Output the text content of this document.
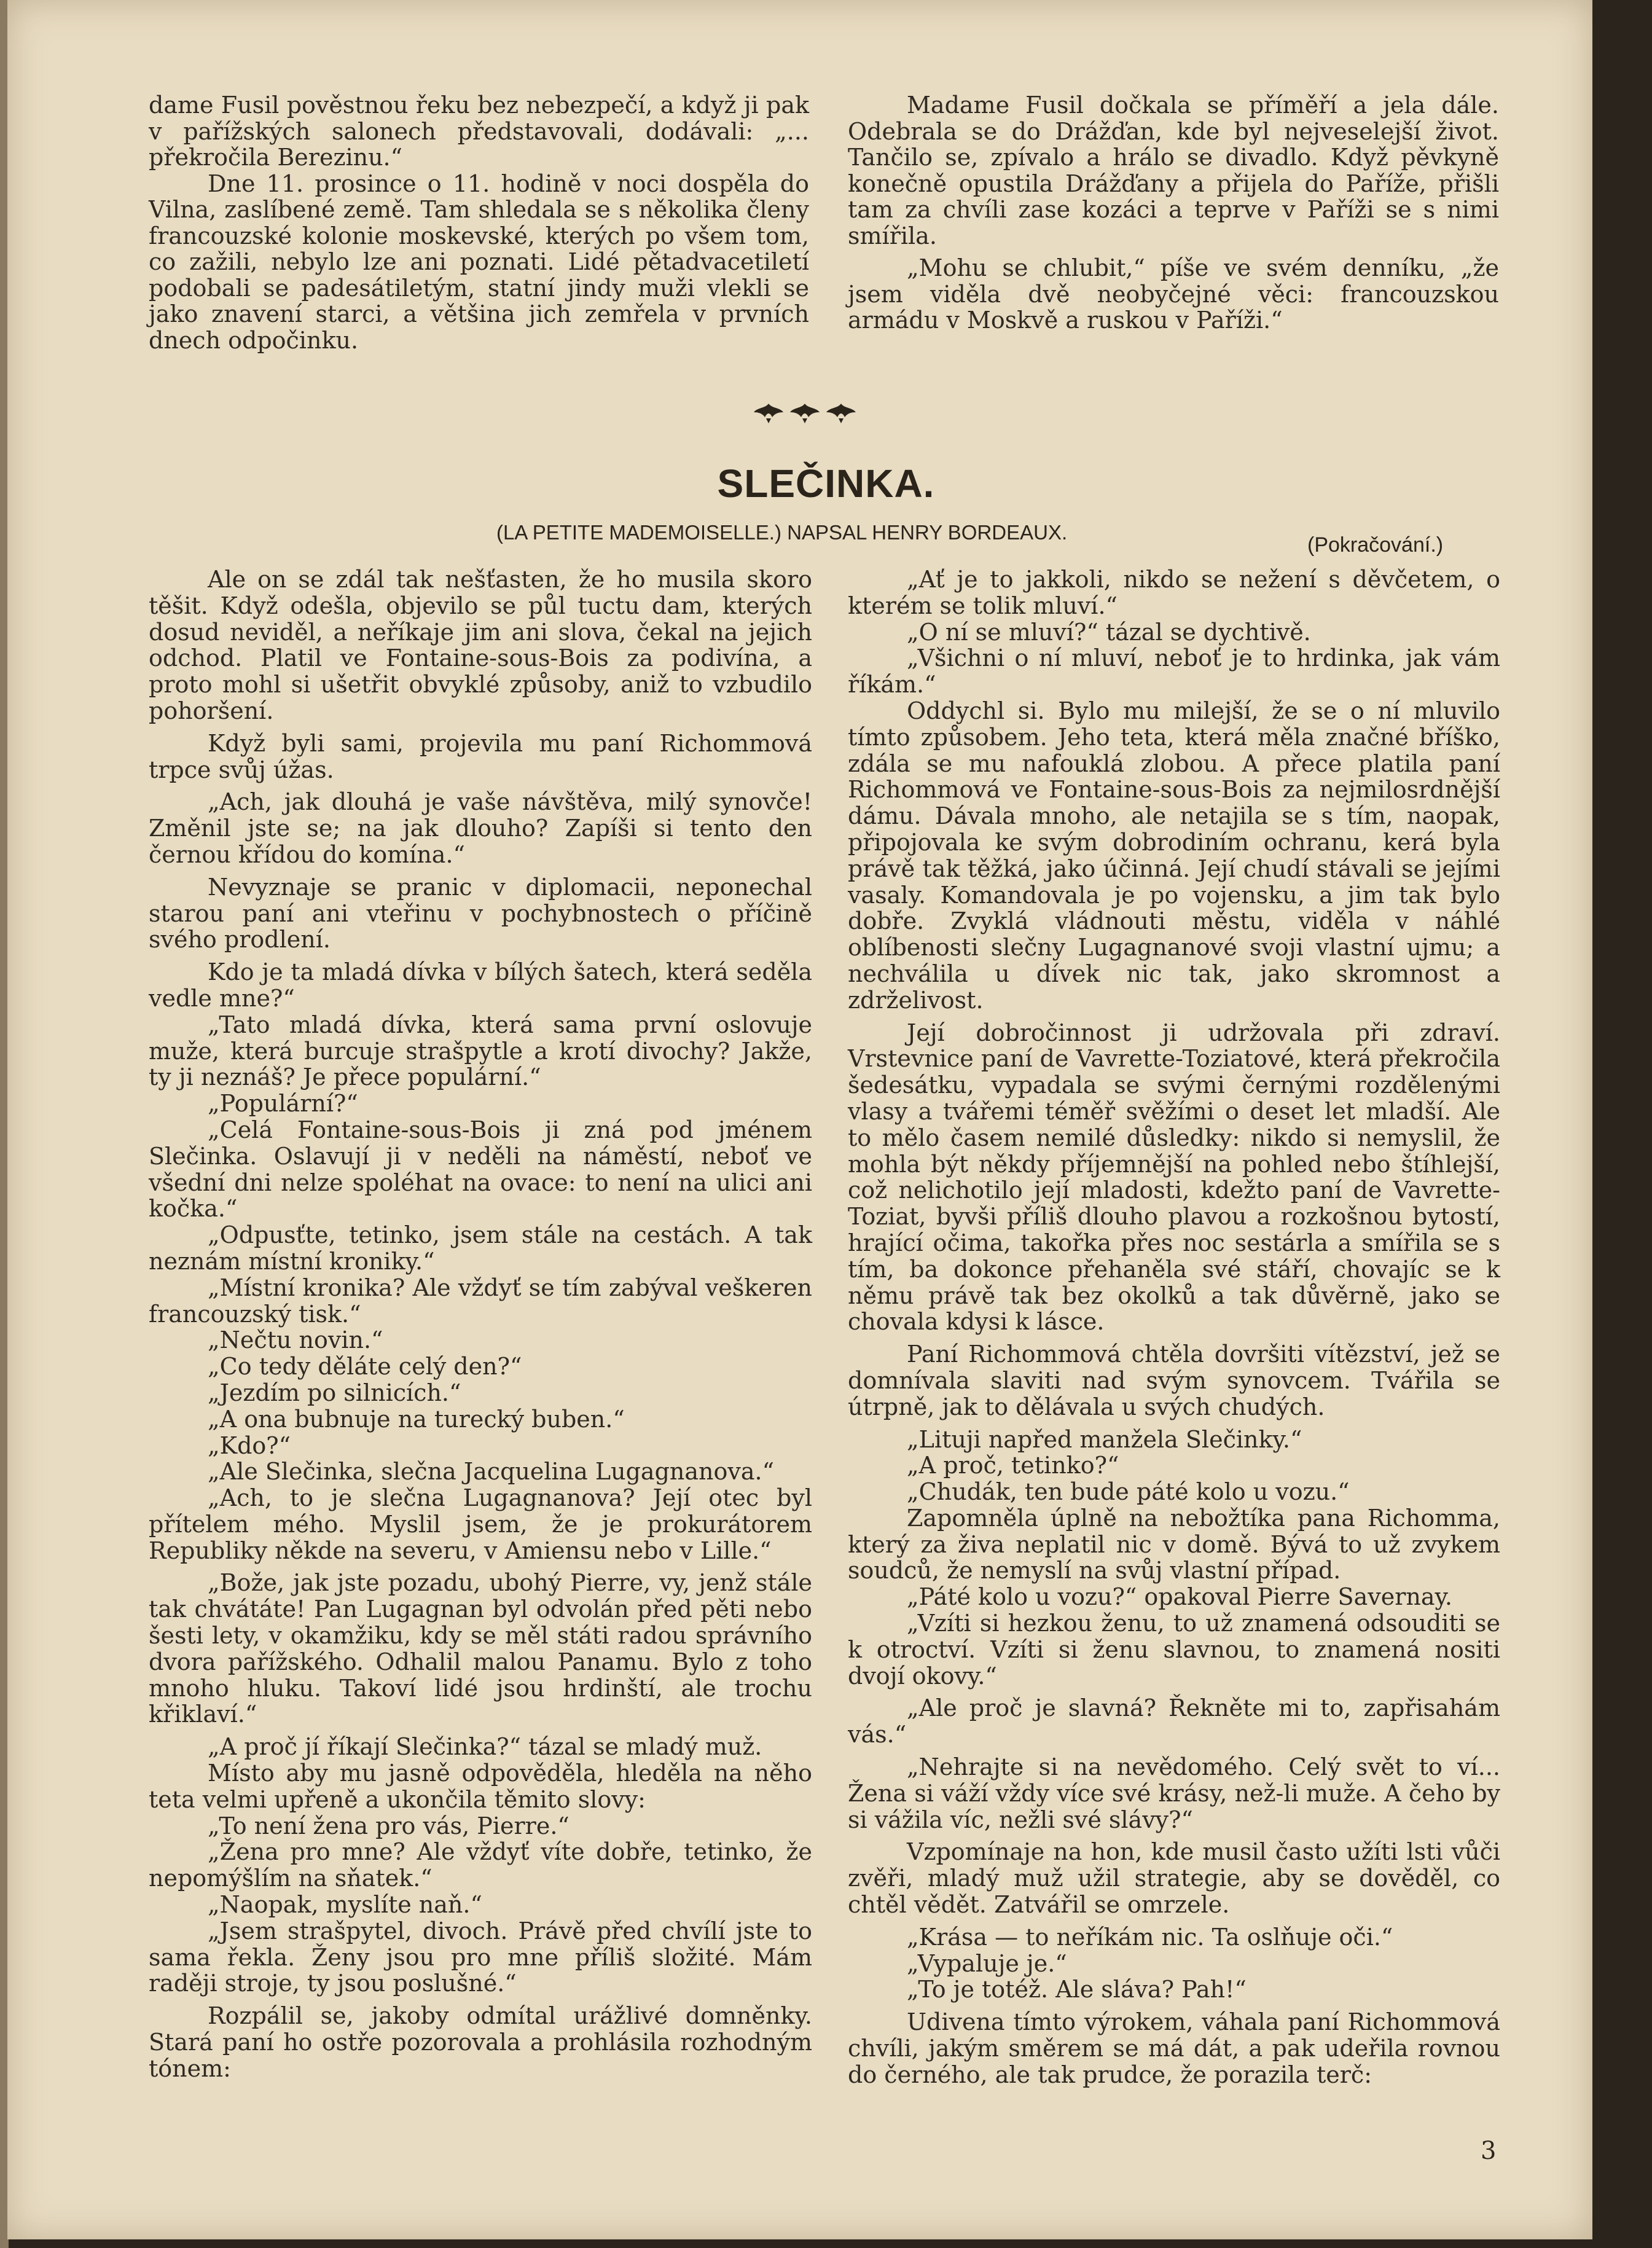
dame Fusil pověstnou řeku bez nebezpečí, a když ji pak v pařížských salonech představovali, dodávali: „... překročila Berezinu.“

Dne 11. prosince o 11. hodině v noci dospěla do Vilna, zaslíbené země. Tam shledala se s několika členy francouzské kolonie moskevské, kterých po všem tom, co zažili, nebylo lze ani poznati. Lidé pětadvacetiletí podobali se padesátiletým, statní jindy muži vlekli se jako znavení starci, a většina jich zemřela v prvních dnech odpočinku.

Madame Fusil dočkala se příměří a jela dále. Odebrala se do Drážďan, kde byl nejveselejší život. Tančilo se, zpívalo a hrálo se divadlo. Když pěvkyně konečně opustila Drážďany a přijela do Paříže, přišli tam za chvíli zase kozáci a teprve v Paříži se s nimi smířila.

„Mohu se chlubit,“ píše ve svém denníku, „že jsem viděla dvě neobyčejné věci: francouzskou armádu v Moskvě a ruskou v Paříži.“

SLEČINKA.
(LA PETITE MADEMOISELLE.) NAPSAL HENRY BORDEAUX.
(Pokračování.)

Ale on se zdál tak nešťasten, že ho musila skoro těšit. Když odešla, objevilo se půl tuctu dam, kterých dosud neviděl, a neříkaje jim ani slova, čekal na jejich odchod. Platil ve Fontaine-sous-Bois za podivína, a proto mohl si ušetřit obvyklé způsoby, aniž to vzbudilo pohoršení.

Když byli sami, projevila mu paní Richommová trpce svůj úžas.

„Ach, jak dlouhá je vaše návštěva, milý synovče! Změnil jste se; na jak dlouho? Zapíši si tento den černou křídou do komína.“

Nevyznaje se pranic v diplomacii, neponechal starou paní ani vteřinu v pochybnostech o příčině svého prodlení.

Kdo je ta mladá dívka v bílých šatech, která seděla vedle mne?“

„Tato mladá dívka, která sama první oslovuje muže, která burcuje strašpytle a krotí divochy? Jakže, ty ji neznáš? Je přece populární.“

„Populární?“

„Celá Fontaine-sous-Bois ji zná pod jménem Slečinka. Oslavují ji v neděli na náměstí, neboť ve všední dni nelze spoléhat na ovace: to není na ulici ani kočka.“

„Odpusťte, tetinko, jsem stále na cestách. A tak neznám místní kroniky.“

„Místní kronika? Ale vždyť se tím zabýval veškeren francouzský tisk.“

„Nečtu novin.“

„Co tedy děláte celý den?“

„Jezdím po silnicích.“

„A ona bubnuje na turecký buben.“

„Kdo?“

„Ale Slečinka, slečna Jacquelina Lugagnanova.“

„Ach, to je slečna Lugagnanova? Její otec byl přítelem mého. Myslil jsem, že je prokurátorem Republiky někde na severu, v Amiensu nebo v Lille.“

„Bože, jak jste pozadu, ubohý Pierre, vy, jenž stále tak chvátáte! Pan Lugagnan byl odvolán před pěti nebo šesti lety, v okamžiku, kdy se měl státi radou správního dvora pařížského. Odhalil malou Panamu. Bylo z toho mnoho hluku. Takoví lidé jsou hrdinští, ale trochu křiklaví.“

„A proč jí říkají Slečinka?“ tázal se mladý muž.

Místo aby mu jasně odpověděla, hleděla na něho teta velmi upřeně a ukončila těmito slovy:

„To není žena pro vás, Pierre.“

„Žena pro mne? Ale vždyť víte dobře, tetinko, že nepomýšlím na sňatek.“

„Naopak, myslíte naň.“

„Jsem strašpytel, divoch. Právě před chvílí jste to sama řekla. Ženy jsou pro mne příliš složité. Mám raději stroje, ty jsou poslušné.“

Rozpálil se, jakoby odmítal urážlivé domněnky. Stará paní ho ostře pozorovala a prohlásila rozhodným tónem:

„Ať je to jakkoli, nikdo se nežení s děvčetem, o kterém se tolik mluví.“

„O ní se mluví?“ tázal se dychtivě.

„Všichni o ní mluví, neboť je to hrdinka, jak vám říkám.“

Oddychl si. Bylo mu milejší, že se o ní mluvilo tímto způsobem. Jeho teta, která měla značné bříško, zdála se mu nafouklá zlobou. A přece platila paní Richommová ve Fontaine-sous-Bois za nejmilosrdnější dámu. Dávala mnoho, ale netajila se s tím, naopak, připojovala ke svým dobrodiním ochranu, kerá byla právě tak těžká, jako účinná. Její chudí stávali se jejími vasaly. Komandovala je po vojensku, a jim tak bylo dobře. Zvyklá vládnouti městu, viděla v náhlé oblíbenosti slečny Lugagnanové svoji vlastní ujmu; a nechválila u dívek nic tak, jako skromnost a zdrželivost.

Její dobročinnost ji udržovala při zdraví. Vrstevnice paní de Vavrette-Toziatové, která překročila šedesátku, vypadala se svými černými rozdělenými vlasy a tvářemi téměř svěžími o deset let mladší. Ale to mělo časem nemilé důsledky: nikdo si nemyslil, že mohla být někdy příjemnější na pohled nebo štíhlejší, což nelichotilo její mladosti, kdežto paní de Vavrette-Toziat, byvši příliš dlouho plavou a rozkošnou bytostí, hrající očima, takořka přes noc sestárla a smířila se s tím, ba dokonce přehaněla své stáří, chovajíc se k němu právě tak bez okolků a tak důvěrně, jako se chovala kdysi k lásce.

Paní Richommová chtěla dovršiti vítězství, jež se domnívala slaviti nad svým synovcem. Tvářila se útrpně, jak to dělávala u svých chudých.

„Lituji napřed manžela Slečinky.“

„A proč, tetinko?“

„Chudák, ten bude páté kolo u vozu.“

Zapomněla úplně na nebožtíka pana Richomma, který za živa neplatil nic v domě. Bývá to už zvykem soudců, že nemyslí na svůj vlastní případ.

„Páté kolo u vozu?“ opakoval Pierre Savernay.

„Vzíti si hezkou ženu, to už znamená odsouditi se k otroctví. Vzíti si ženu slavnou, to znamená nositi dvojí okovy.“

„Ale proč je slavná? Řekněte mi to, zapřisahám vás.“

„Nehrajte si na nevědomého. Celý svět to ví... Žena si váží vždy více své krásy, než-li muže. A čeho by si vážila víc, nežli své slávy?“

Vzpomínaje na hon, kde musil často užíti lsti vůči zvěři, mladý muž užil strategie, aby se dověděl, co chtěl vědět. Zatvářil se omrzele.

„Krása — to neříkám nic. Ta oslňuje oči.“

„Vypaluje je.“

„To je totéž. Ale sláva? Pah!“

Udivena tímto výrokem, váhala paní Richommová chvíli, jakým směrem se má dát, a pak udeřila rovnou do černého, ale tak prudce, že porazila terč:

3
